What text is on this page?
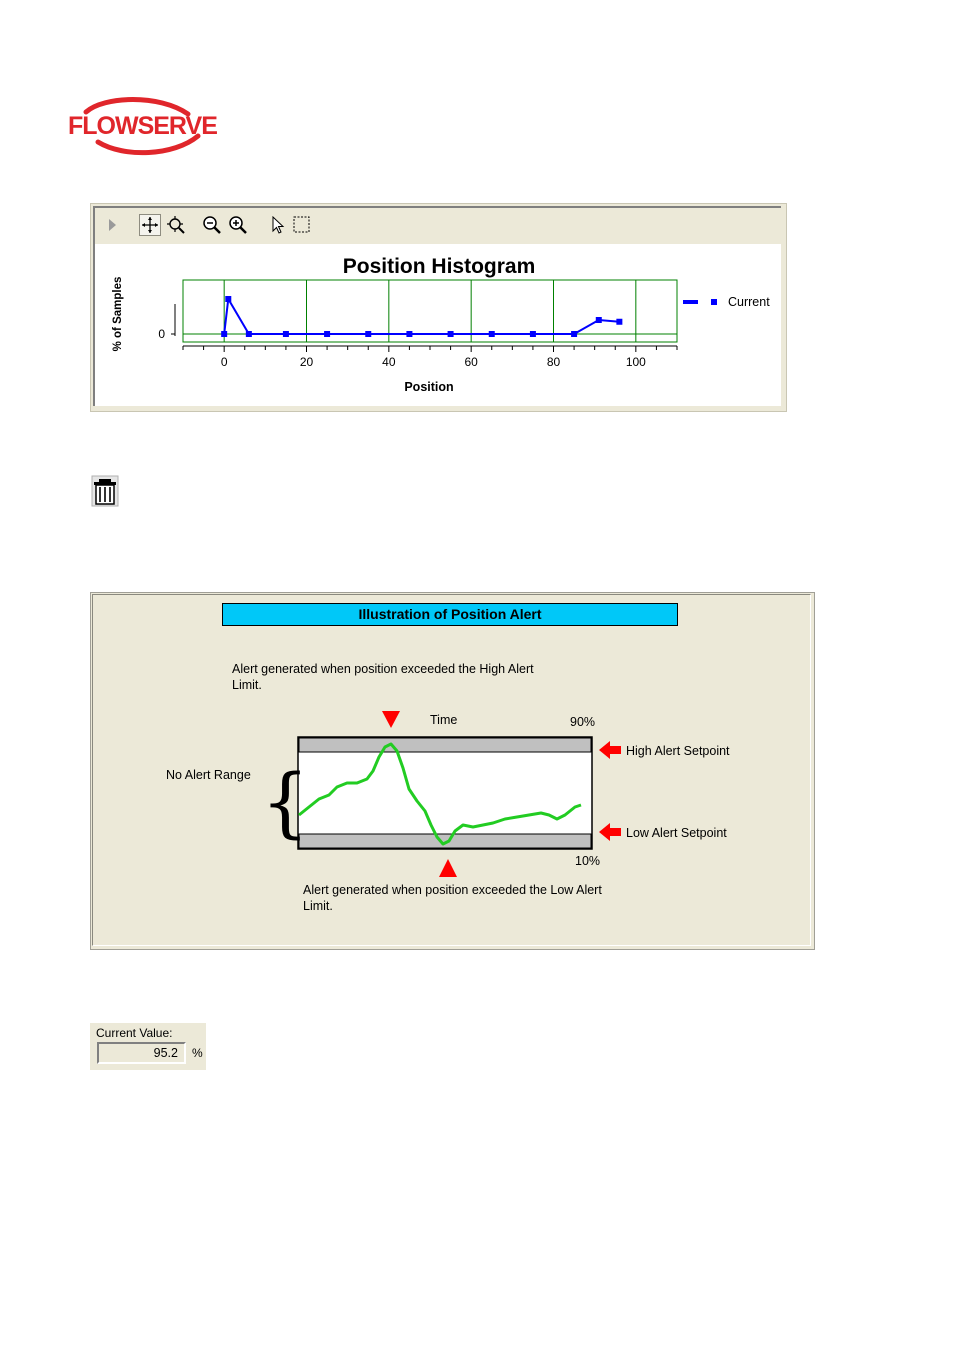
FLOWSERVE
Position Histogram
% of Samples
Position
0
0	20	40	60	80	100
Current
Illustration of Position Alert
Alert generated when position exceeded the High Alert Limit.
Alert generated when position exceeded the Low Alert Limit.
Time	90%
10%
No Alert Range
High Alert Setpoint
Low Alert Setpoint
{
Current Value:
95.2	%
